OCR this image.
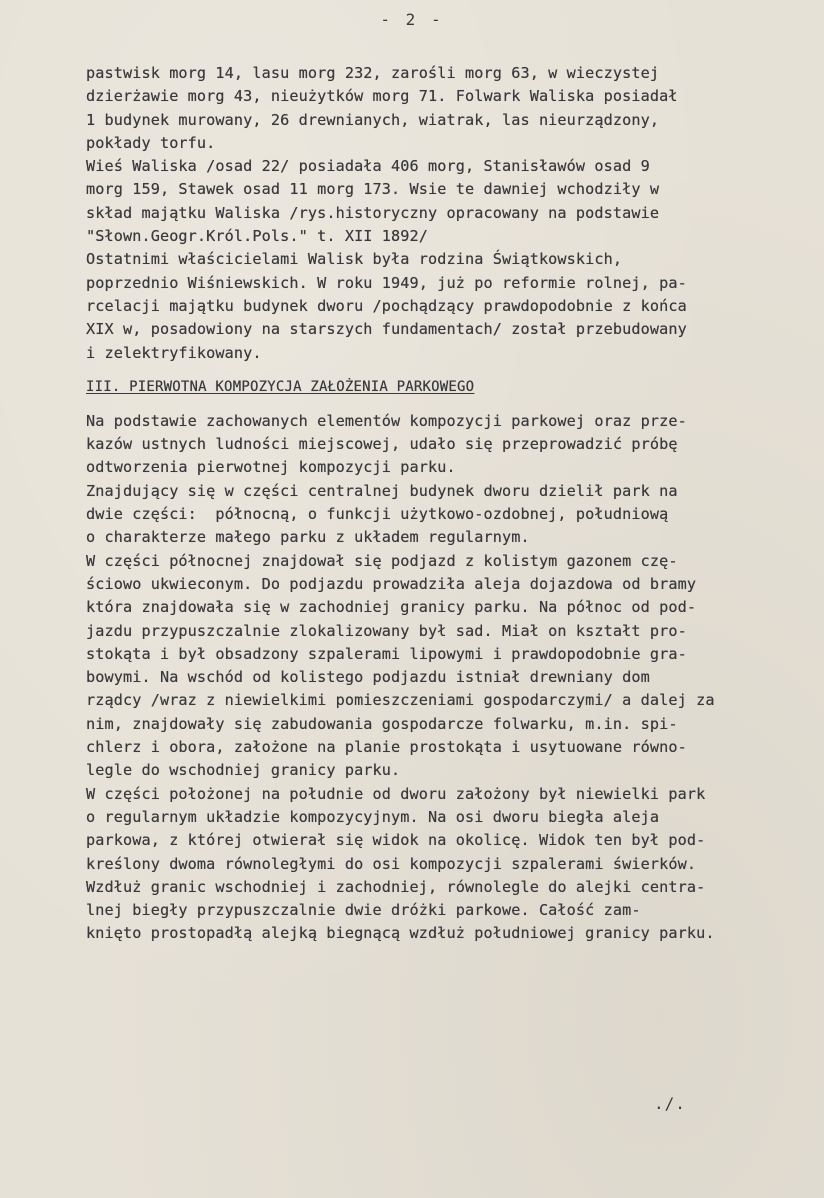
- 2 -
pastwisk morg 14, lasu morg 232, zarośli morg 63, w wieczystej
dzierżawie morg 43, nieużytków morg 71. Folwark Waliska posiadał
1 budynek murowany, 26 drewnianych, wiatrak, las nieurządzony,
pokłady torfu.
Wieś Waliska /osad 22/ posiadała 406 morg, Stanisławów osad 9
morg 159, Stawek osad 11 morg 173. Wsie te dawniej wchodziły w
skład majątku Waliska /rys.historyczny opracowany na podstawie
"Słown.Geogr.Król.Pols." t. XII 1892/
Ostatnimi właścicielami Walisk była rodzina Świątkowskich,
poprzednio Wiśniewskich. W roku 1949, już po reformie rolnej, pa-
rcelacji majątku budynek dworu /pochądzący prawdopodobnie z końca
XIX w, posadowiony na starszych fundamentach/ został przebudowany
i zelektryfikowany.
III. PIERWOTNA KOMPOZYCJA ZAŁOŻENIA PARKOWEGO
Na podstawie zachowanych elementów kompozycji parkowej oraz prze-
kazów ustnych ludności miejscowej, udało się przeprowadzić próbę
odtworzenia pierwotnej kompozycji parku.
Znajdujący się w części centralnej budynek dworu dzielił park na
dwie części:  północną, o funkcji użytkowo-ozdobnej, południową
o charakterze małego parku z układem regularnym.
W części północnej znajdował się podjazd z kolistym gazonem czę-
ściowo ukwieconym. Do podjazdu prowadziła aleja dojazdowa od bramy
która znajdowała się w zachodniej granicy parku. Na północ od pod-
jazdu przypuszczalnie zlokalizowany był sad. Miał on kształt pro-
stokąta i był obsadzony szpalerami lipowymi i prawdopodobnie gra-
bowymi. Na wschód od kolistego podjazdu istniał drewniany dom
rządcy /wraz z niewielkimi pomieszczeniami gospodarczymi/ a dalej za
nim, znajdowały się zabudowania gospodarcze folwarku, m.in. spi-
chlerz i obora, założone na planie prostokąta i usytuowane równo-
legle do wschodniej granicy parku.
W części położonej na południe od dworu założony był niewielki park
o regularnym układzie kompozycyjnym. Na osi dworu biegła aleja
parkowa, z której otwierał się widok na okolicę. Widok ten był pod-
kreślony dwoma równoległymi do osi kompozycji szpalerami świerków.
Wzdłuż granic wschodniej i zachodniej, równolegle do alejki centra-
lnej biegły przypuszczalnie dwie dróżki parkowe. Całość zam-
knięto prostopadłą alejką biegnącą wzdłuż południowej granicy parku.
./.
